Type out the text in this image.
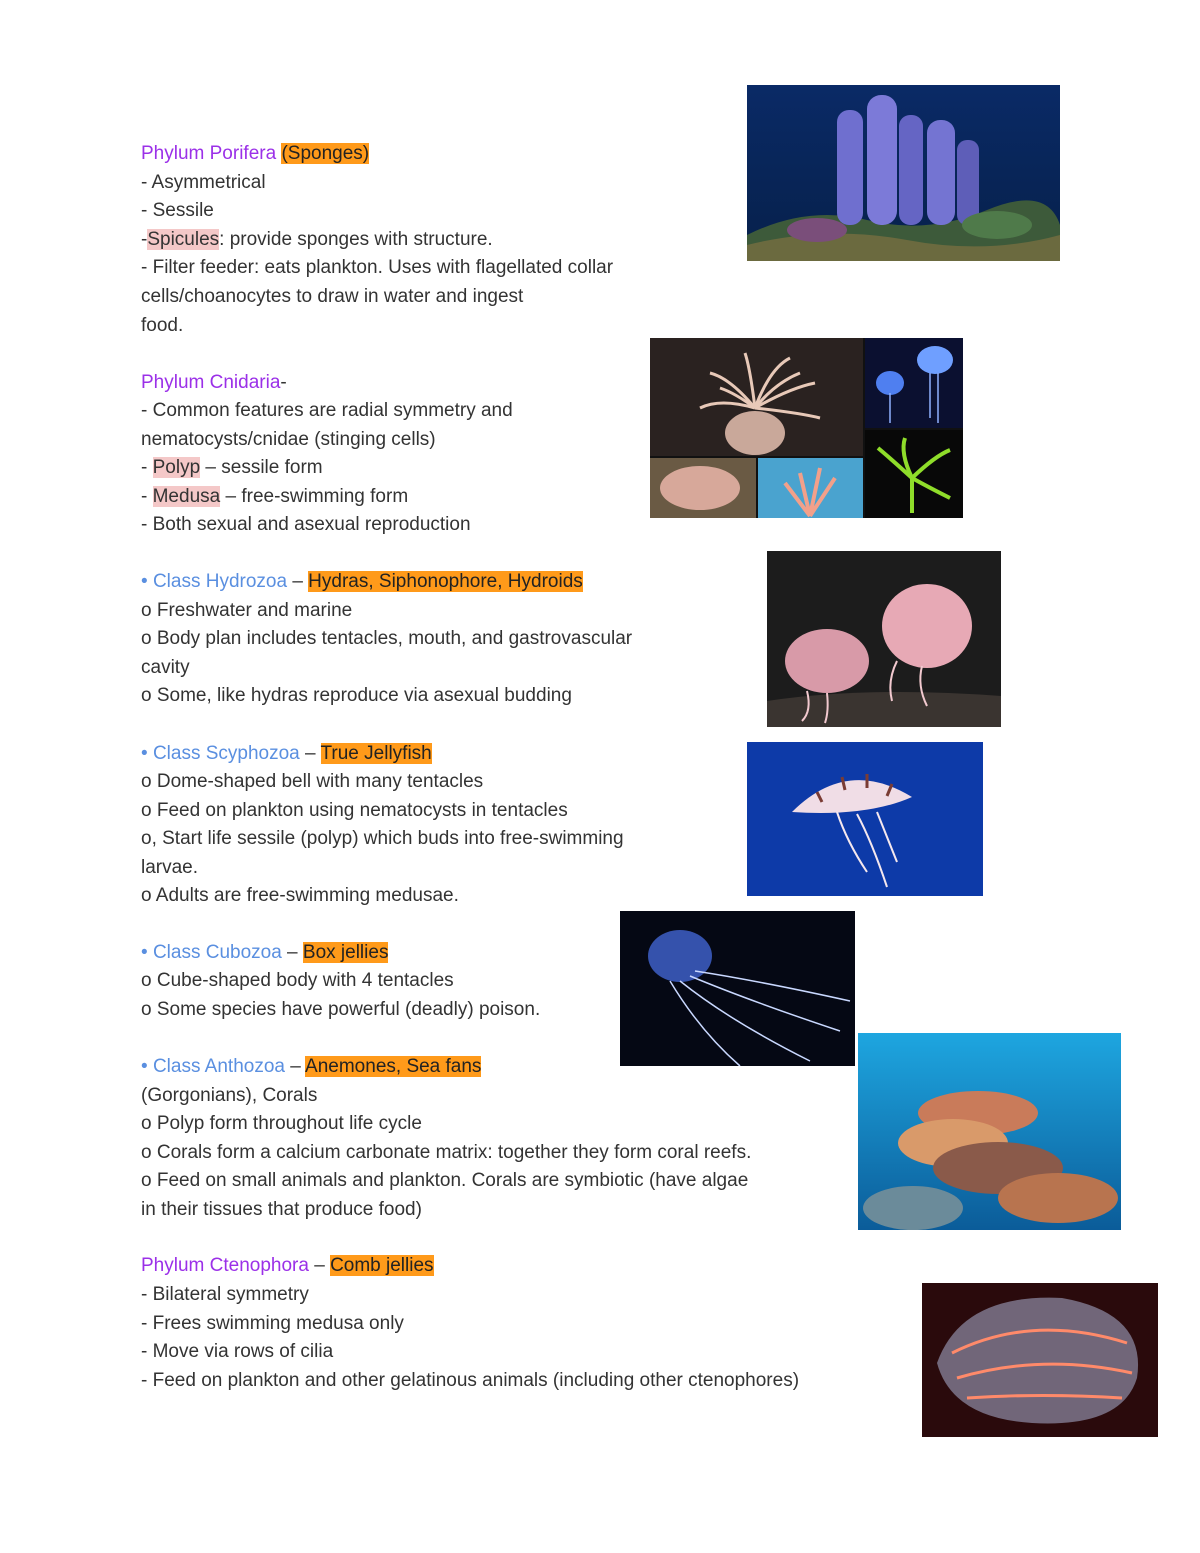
Phylum Porifera (Sponges)
- Asymmetrical
- Sessile
-Spicules: provide sponges with structure.
- Filter feeder: eats plankton. Uses with flagellated collar
cells/choanocytes to draw in water and ingest
food.
Phylum Cnidaria-
- Common features are radial symmetry and
nematocysts/cnidae (stinging cells)
- Polyp – sessile form
- Medusa – free-swimming form
- Both sexual and asexual reproduction
• Class Hydrozoa – Hydras, Siphonophore, Hydroids
o Freshwater and marine
o Body plan includes tentacles, mouth, and gastrovascular
cavity
o Some, like hydras reproduce via asexual budding
• Class Scyphozoa – True Jellyfish
o Dome-shaped bell with many tentacles
o Feed on plankton using nematocysts in tentacles
o, Start life sessile (polyp) which buds into free-swimming
larvae.
o Adults are free-swimming medusae.
• Class Cubozoa – Box jellies
o Cube-shaped body with 4 tentacles
o Some species have powerful (deadly) poison.
• Class Anthozoa – Anemones, Sea fans
(Gorgonians), Corals
o Polyp form throughout life cycle
o Corals form a calcium carbonate matrix: together they form coral reefs.
o Feed on small animals and plankton. Corals are symbiotic (have algae
in their tissues that produce food)
Phylum Ctenophora – Comb jellies
- Bilateral symmetry
- Frees swimming medusa only
- Move via rows of cilia
- Feed on plankton and other gelatinous animals (including other ctenophores)
